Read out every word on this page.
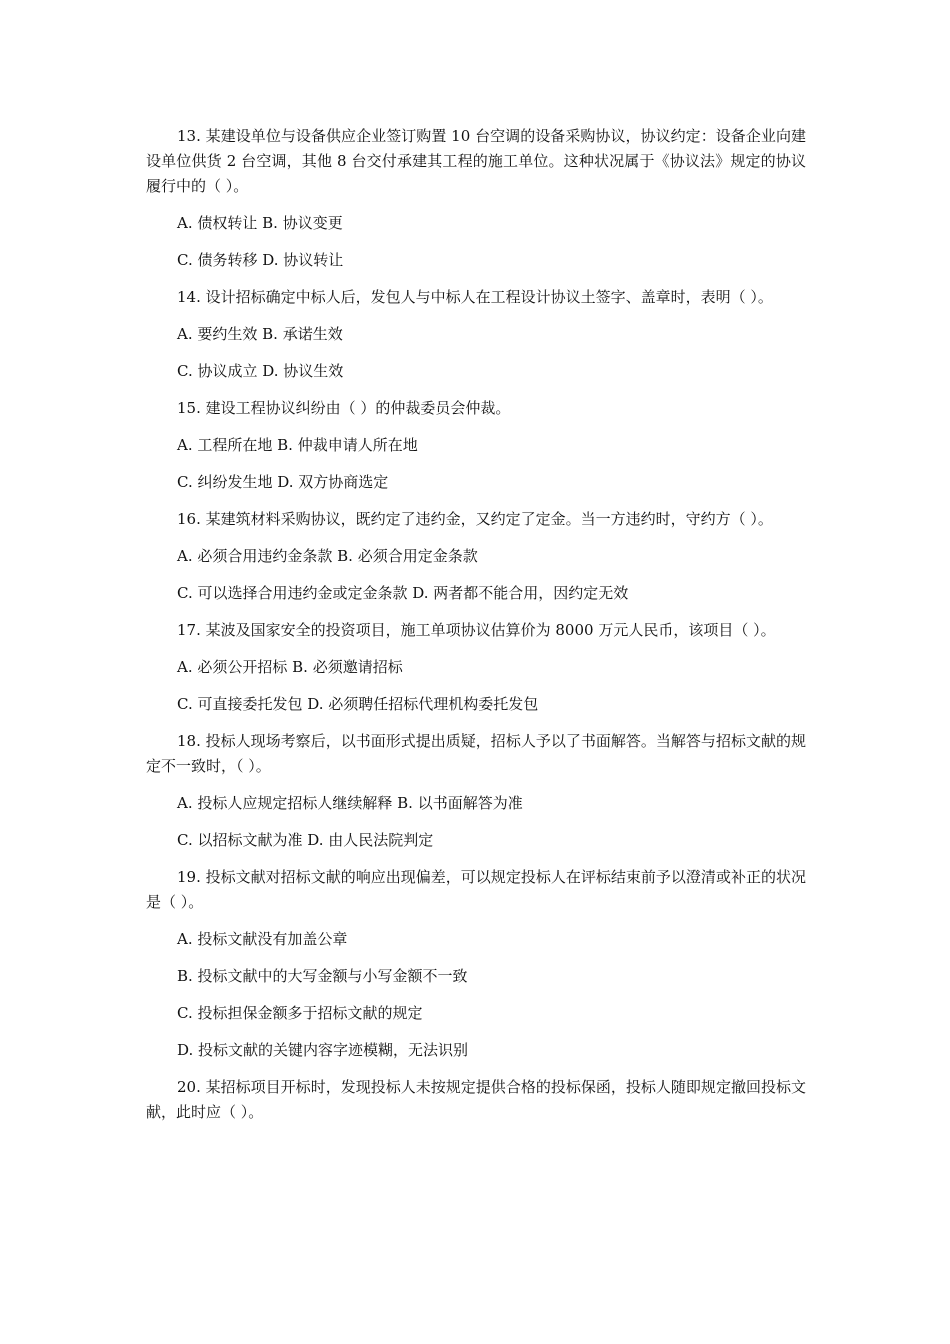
13. 某建设单位与设备供应企业签订购置 10 台空调的设备采购协议，协议约定：设备企业向建设单位供货 2 台空调，其他 8 台交付承建其工程的施工单位。这种状况属于《协议法》规定的协议履行中的（ ）。

A. 债权转让 B. 协议变更

C. 债务转移 D. 协议转让

14. 设计招标确定中标人后，发包人与中标人在工程设计协议土签字、盖章时，表明（ ）。

A. 要约生效 B. 承诺生效

C. 协议成立 D. 协议生效

15. 建设工程协议纠纷由（ ）的仲裁委员会仲裁。

A. 工程所在地 B. 仲裁申请人所在地

C. 纠纷发生地 D. 双方协商选定

16. 某建筑材料采购协议，既约定了违约金，又约定了定金。当一方违约时，守约方（ ）。

A. 必须合用违约金条款 B. 必须合用定金条款

C. 可以选择合用违约金或定金条款 D. 两者都不能合用，因约定无效

17. 某波及国家安全的投资项目，施工单项协议估算价为 8000 万元人民币，该项目（ ）。

A. 必须公开招标 B. 必须邀请招标

C. 可直接委托发包 D. 必须聘任招标代理机构委托发包

18. 投标人现场考察后，以书面形式提出质疑，招标人予以了书面解答。当解答与招标文献的规定不一致时，（ ）。

A. 投标人应规定招标人继续解释 B. 以书面解答为准

C. 以招标文献为准 D. 由人民法院判定

19. 投标文献对招标文献的响应出现偏差，可以规定投标人在评标结束前予以澄清或补正的状况是（ ）。

A. 投标文献没有加盖公章

B. 投标文献中的大写金额与小写金额不一致

C. 投标担保金额多于招标文献的规定

D. 投标文献的关键内容字迹模糊，无法识别

20. 某招标项目开标时，发现投标人未按规定提供合格的投标保函，投标人随即规定撤回投标文献，此时应（ ）。
